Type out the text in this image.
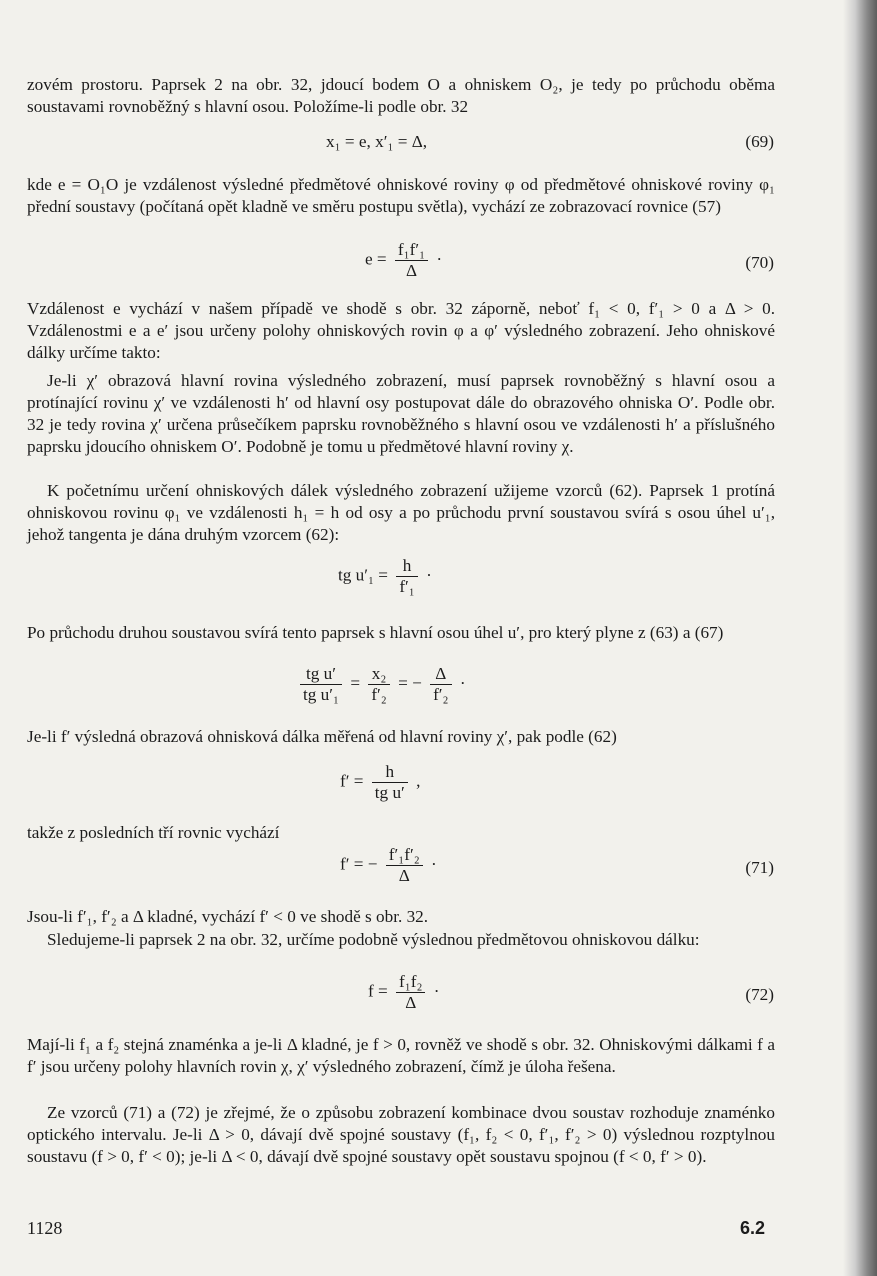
zovém prostoru. Paprsek 2 na obr. 32, jdoucí bodem O a ohniskem O₂, je tedy po průchodu oběma soustavami rovnoběžný s hlavní osou. Položíme-li podle obr. 32
x₁ = e, x′₁ = Δ,	(69)
kde e = O₁O je vzdálenost výsledné předmětové ohniskové roviny φ od předmětové ohniskové roviny φ₁ přední soustavy (počítaná opět kladně ve směru postupu světla), vychází ze zobrazovací rovnice (57)
$e = \frac{\text{f₁f′₁}}{\Delta}$ ·	(70)
Vzdálenost e vychází v našem případě ve shodě s obr. 32 záporně, neboť f₁ < 0, f′₁ > 0 a Δ > 0. Vzdálenostmi e a e′ jsou určeny polohy ohniskových rovin φ a φ′ výsledného zobrazení. Jeho ohniskové dálky určíme takto:
Je-li χ′ obrazová hlavní rovina výsledného zobrazení, musí paprsek rovnoběžný s hlavní osou a protínající rovinu χ′ ve vzdálenosti h′ od hlavní osy postupovat dále do obrazového ohniska O′. Podle obr. 32 je tedy rovina χ′ určena průsečíkem paprsku rovnoběžného s hlavní osou ve vzdálenosti h′ a příslušného paprsku jdoucího ohniskem O′. Podobně je tomu u předmětové hlavní roviny χ.
K početnímu určení ohniskových dálek výsledného zobrazení užijeme vzorců (62). Paprsek 1 protíná ohniskovou rovinu φ₁ ve vzdálenosti h₁ = h od osy a po průchodu první soustavou svírá s osou úhel u′₁, jehož tangenta je dána druhým vzorcem (62):
tg $u'_1 = \frac{h}{\text{f′₁}}$ ·
Po průchodu druhou soustavou svírá tento paprsek s hlavní osou úhel u′, pro který plyne z (63) a (67)
$\frac{\text{tg u′}}{\text{tg u′₁}} = \frac{\text{x₂}}{\text{f′₂}}$ = − $\frac{\Delta}{\text{f′₂}}$ ·
Je-li f′ výsledná obrazová ohnisková dálka měřená od hlavní roviny χ′, pak podle (62)
$f' = \frac{h}{\text{tg u′}}$ ,
takže z posledních tří rovnic vychází
f′ = − $\frac{\text{f′₁f′₂}}{\Delta}$ ·	(71)
Jsou-li f′₁, f′₂ a Δ kladné, vychází f′ < 0 ve shodě s obr. 32.
Sledujeme-li paprsek 2 na obr. 32, určíme podobně výslednou předmětovou ohniskovou dálku:
$f = \frac{\text{f₁f₂}}{\Delta}$ ·	(72)
Mají-li f₁ a f₂ stejná znaménka a je-li Δ kladné, je f > 0, rovněž ve shodě s obr. 32. Ohniskovými dálkami f a f′ jsou určeny polohy hlavních rovin χ, χ′ výsledného zobrazení, čímž je úloha řešena.
Ze vzorců (71) a (72) je zřejmé, že o způsobu zobrazení kombinace dvou soustav rozhoduje znaménko optického intervalu. Je-li Δ > 0, dávají dvě spojné soustavy (f₁, f₂ < 0, f′₁, f′₂ > 0) výslednou rozptylnou soustavu (f > 0, f′ < 0); je-li Δ < 0, dávají dvě spojné soustavy opět soustavu spojnou (f < 0, f′ > 0).
1128	6.2
